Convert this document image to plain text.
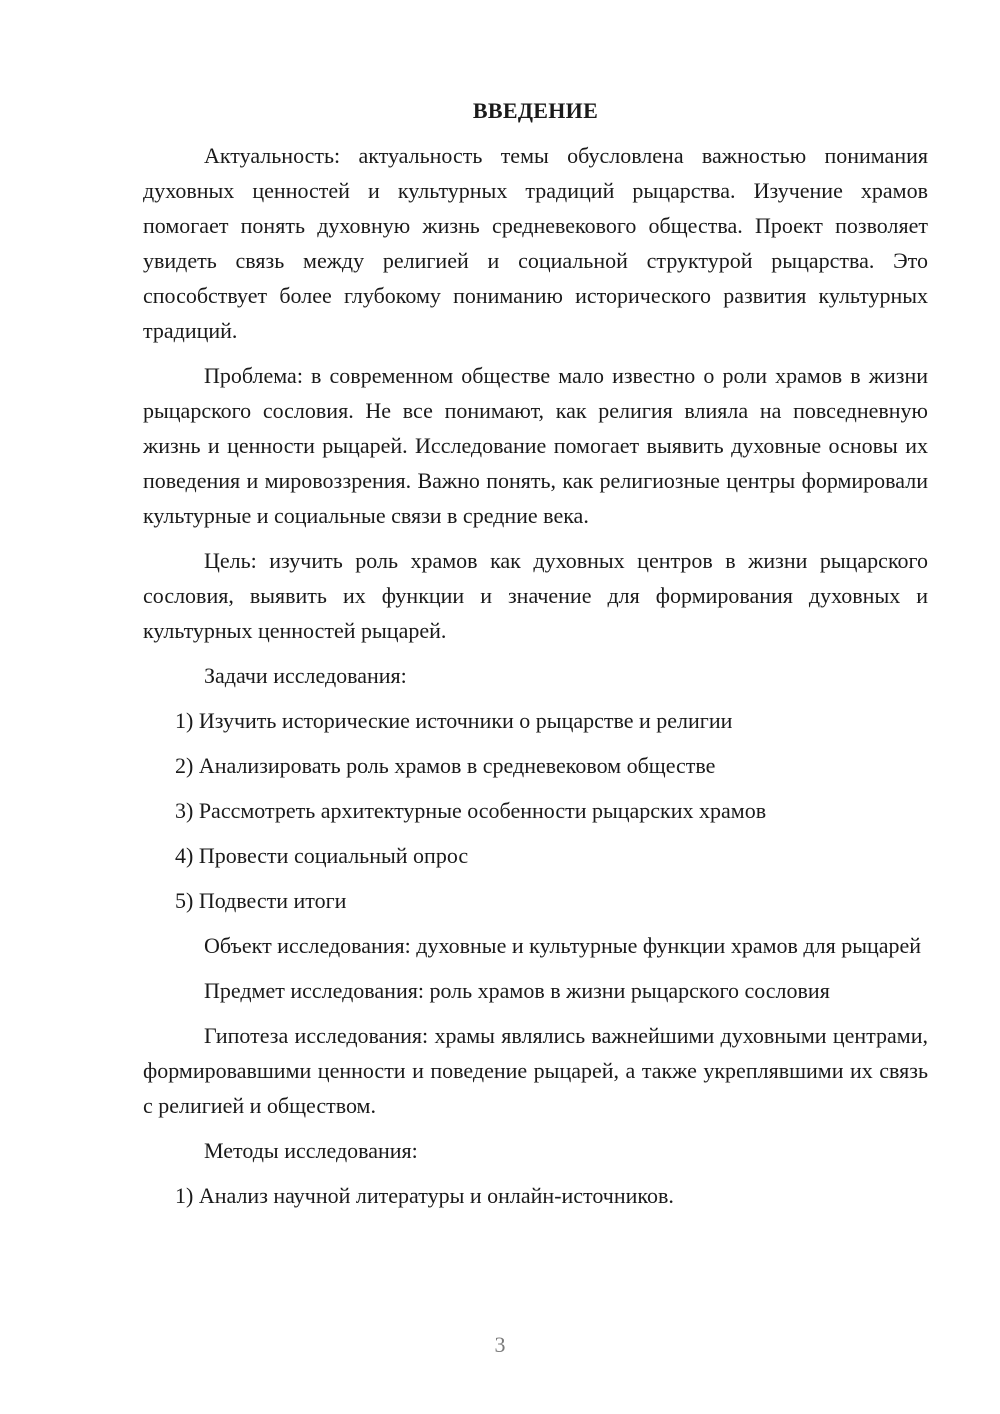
ВВЕДЕНИЕ

Актуальность: актуальность темы обусловлена важностью понимания духовных ценностей и культурных традиций рыцарства. Изучение храмов помогает понять духовную жизнь средневекового общества. Проект позволяет увидеть связь между религией и социальной структурой рыцарства. Это способствует более глубокому пониманию исторического развития культурных традиций.

Проблема: в современном обществе мало известно о роли храмов в жизни рыцарского сословия. Не все понимают, как религия влияла на повседневную жизнь и ценности рыцарей. Исследование помогает выявить духовные основы их поведения и мировоззрения. Важно понять, как религиозные центры формировали культурные и социальные связи в средние века.

Цель: изучить роль храмов как духовных центров в жизни рыцарского сословия, выявить их функции и значение для формирования духовных и культурных ценностей рыцарей.

Задачи исследования:

1) Изучить исторические источники о рыцарстве и религии

2) Анализировать роль храмов в средневековом обществе

3) Рассмотреть архитектурные особенности рыцарских храмов

4) Провести социальный опрос

5) Подвести итоги

Объект исследования: духовные и культурные функции храмов для рыцарей

Предмет исследования: роль храмов в жизни рыцарского сословия

Гипотеза исследования: храмы являлись важнейшими духовными центрами, формировавшими ценности и поведение рыцарей, а также укреплявшими их связь с религией и обществом.

Методы исследования:

1) Анализ научной литературы и онлайн-источников.

3
